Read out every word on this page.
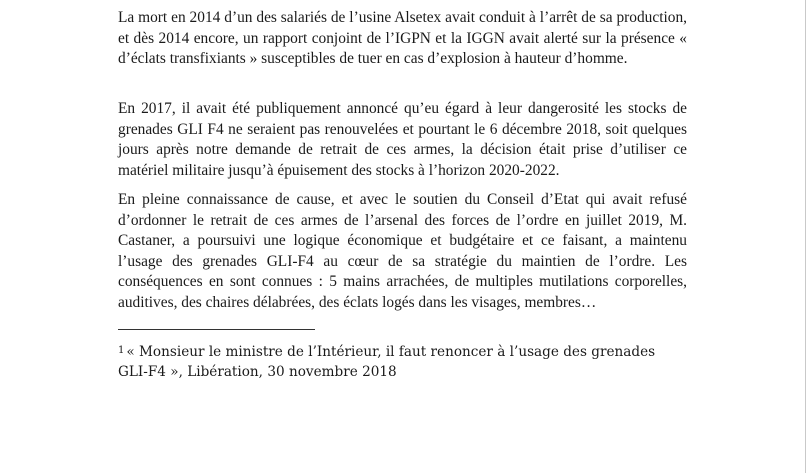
La mort en 2014 d’un des salariés de l’usine Alsetex avait conduit à l’arrêt de sa production, et dès 2014 encore, un rapport conjoint de l’IGPN et la IGGN avait alerté sur la présence « d’éclats transfixiants » susceptibles de tuer en cas d’explosion à hauteur d’homme.

En 2017, il avait été publiquement annoncé qu’eu égard à leur dangerosité les stocks de grenades GLI F4 ne seraient pas renouvelées et pourtant le 6 décembre 2018, soit quelques jours après notre demande de retrait de ces armes, la décision était prise d’utiliser ce matériel militaire jusqu’à épuisement des stocks à l’horizon 2020-2022.

En pleine connaissance de cause, et avec le soutien du Conseil d’Etat qui avait refusé d’ordonner le retrait de ces armes de l’arsenal des forces de l’ordre en juillet 2019, M. Castaner, a poursuivi une logique économique et budgétaire et ce faisant, a maintenu l’usage des grenades GLI-F4 au cœur de sa stratégie du maintien de l’ordre. Les conséquences en sont connues : 5 mains arrachées, de multiples mutilations corporelles, auditives, des chaires délabrées, des éclats logés dans les visages, membres…

$^1$ « Monsieur le ministre de l’Intérieur, il faut renoncer à l’usage des grenades GLI-F4 », Libération, 30 novembre 2018
